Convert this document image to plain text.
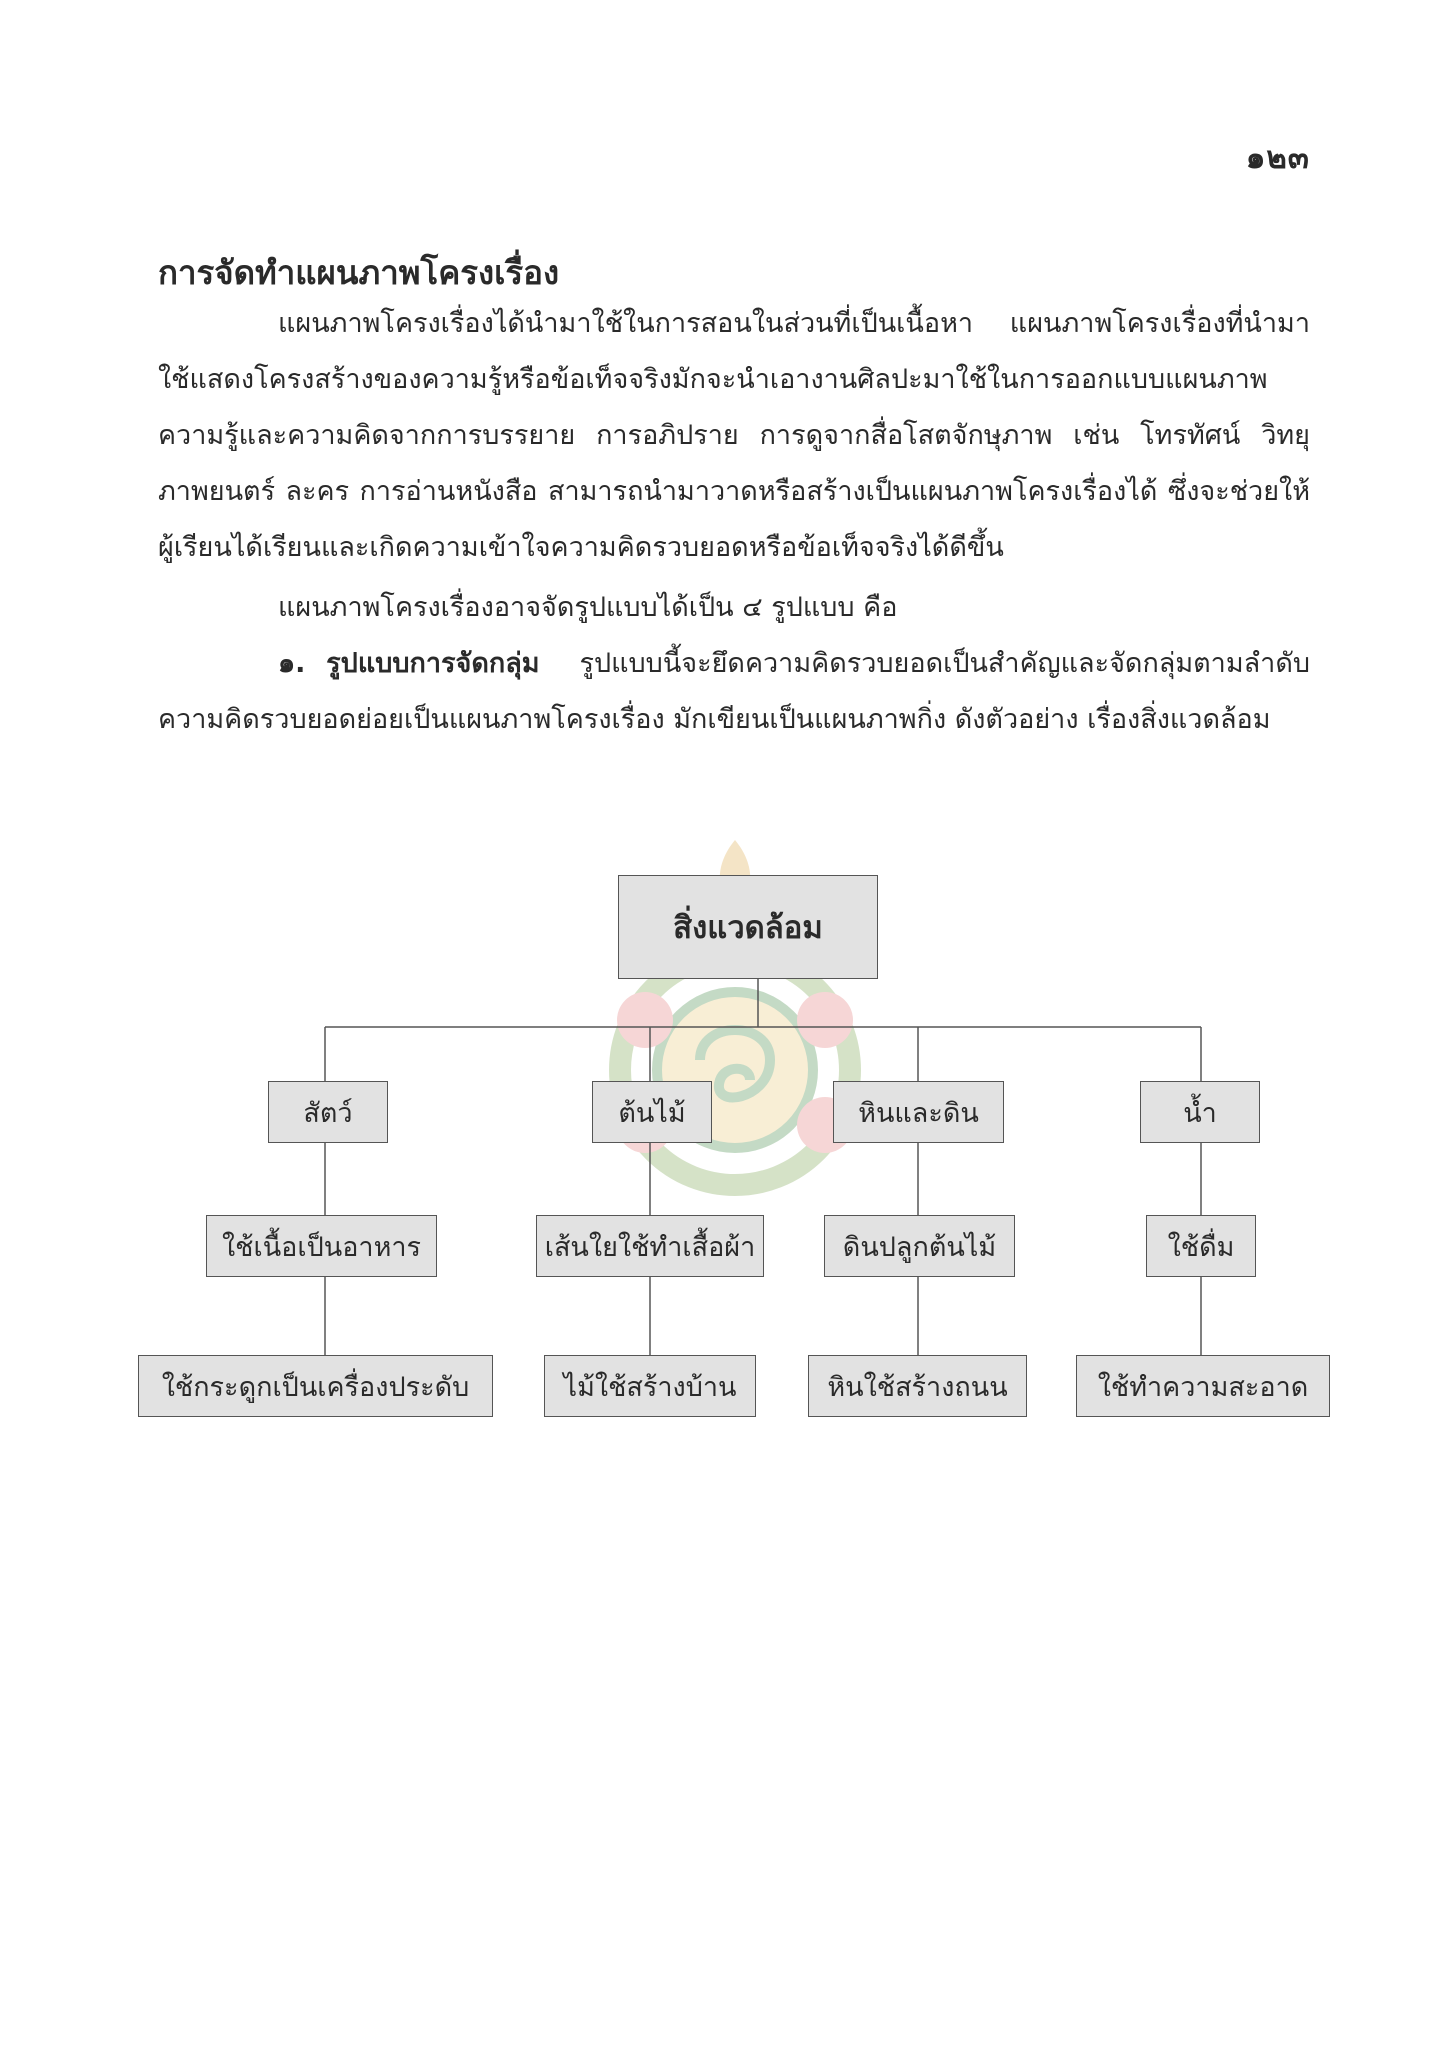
๑๒๓
การจัดทำแผนภาพโครงเรื่อง

แผนภาพโครงเรื่องได้นำมาใช้ในการสอนในส่วนที่เป็นเนื้อหา แผนภาพโครงเรื่องที่นำมาใช้แสดงโครงสร้างของความรู้หรือข้อเท็จจริงมักจะนำเอางานศิลปะมาใช้ในการออกแบบแผนภาพความรู้และความคิดจากการบรรยาย การอภิปราย การดูจากสื่อโสตจักษุภาพ เช่น โทรทัศน์ วิทยุ ภาพยนตร์ ละคร การอ่านหนังสือ สามารถนำมาวาดหรือสร้างเป็นแผนภาพโครงเรื่องได้ ซึ่งจะช่วยให้ผู้เรียนได้เรียนและเกิดความเข้าใจความคิดรวบยอดหรือข้อเท็จจริงได้ดีขึ้น

แผนภาพโครงเรื่องอาจจัดรูปแบบได้เป็น ๔ รูปแบบ คือ

๑. รูปแบบการจัดกลุ่ม รูปแบบนี้จะยึดความคิดรวบยอดเป็นสำคัญและจัดกลุ่มตามลำดับความคิดรวบยอดย่อยเป็นแผนภาพโครงเรื่อง มักเขียนเป็นแผนภาพกิ่ง ดังตัวอย่าง เรื่องสิ่งแวดล้อม

สิ่งแวดล้อม
สัตว์	ต้นไม้	หินและดิน	น้ำ
ใช้เนื้อเป็นอาหาร	เส้นใยใช้ทำเสื้อผ้า	ดินปลูกต้นไม้	ใช้ดื่ม
ใช้กระดูกเป็นเครื่องประดับ	ไม้ใช้สร้างบ้าน	หินใช้สร้างถนน	ใช้ทำความสะอาด
